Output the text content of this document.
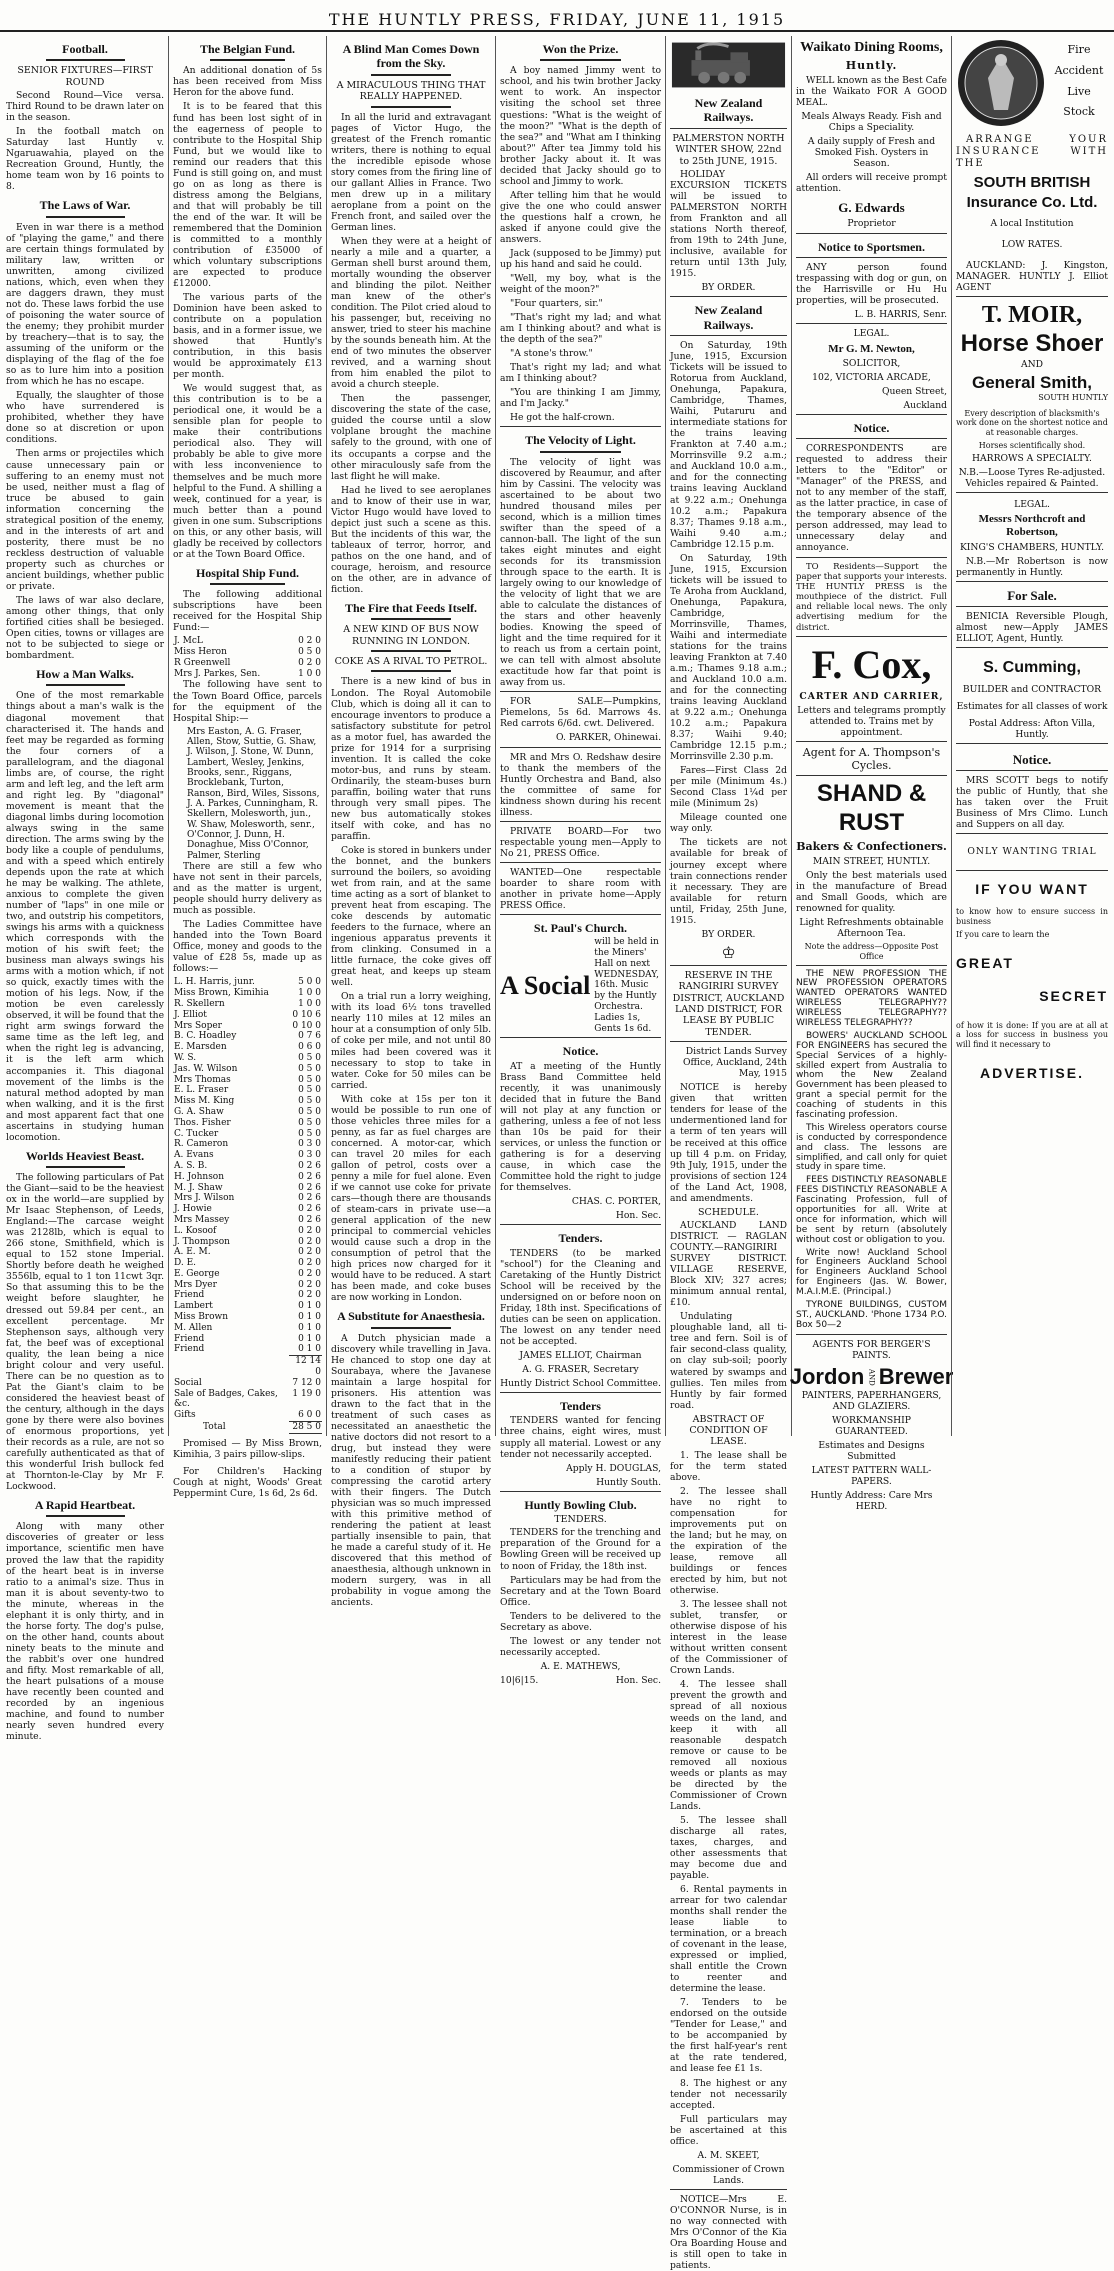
THE HUNTLY PRESS, FRIDAY, JUNE 11, 1915
Football.

SENIOR FIXTURES—FIRST ROUND

Second Round—Vice versa. Third Round to be drawn later on in the season.

In the football match on Saturday last Huntly v. Ngaruawahia, played on the Recreation Ground, Huntly, the home team won by 16 points to 8.

The Laws of War.

Even in war there is a method of "playing the game," and there are certain things formulated by military law, written or unwritten, among civilized nations, which, even when they are daggers drawn, they must not do. These laws forbid the use of poisoning the water source of the enemy; they prohibit murder by treachery—that is to say, the assuming of the uniform or the displaying of the flag of the foe so as to lure him into a position from which he has no escape.

Equally, the slaughter of those who have surrendered is prohibited, whether they have done so at discretion or upon conditions.

Then arms or projectiles which cause unnecessary pain or suffering to an enemy must not be used, neither must a flag of truce be abused to gain information concerning the strategical position of the enemy, and in the interests of art and posterity, there must be no reckless destruction of valuable property such as churches or ancient buildings, whether public or private.

The laws of war also declare, among other things, that only fortified cities shall be besieged. Open cities, towns or villages are not to be subjected to siege or bombardment.

How a Man Walks.

One of the most remarkable things about a man's walk is the diagonal movement that characterised it. The hands and feet may be regarded as forming the four corners of a parallelogram, and the diagonal limbs are, of course, the right arm and left leg, and the left arm and right leg. By "diagonal" movement is meant that the diagonal limbs during locomotion always swing in the same direction. The arms swing by the body like a couple of pendulums, and with a speed which entirely depends upon the rate at which he may be walking. The athlete, anxious to complete the given number of "laps" in one mile or two, and outstrip his competitors, swings his arms with a quickness which corresponds with the motion of his swift feet; the business man always swings his arms with a motion which, if not so quick, exactly times with the motion of his legs. Now, if the motion be even carelessly observed, it will be found that the right arm swings forward the same time as the left leg, and when the right leg is advancing, it is the left arm which accompanies it. This diagonal movement of the limbs is the natural method adopted by man when walking, and it is the first and most apparent fact that one ascertains in studying human locomotion.

Worlds Heaviest Beast.

The following particulars of Pat the Giant—said to be the heaviest ox in the world—are supplied by Mr Isaac Stephenson, of Leeds, England:—The carcase weight was 2128lb, which is equal to 266 stone, Smithfield, which is equal to 152 stone Imperial. Shortly before death he weighed 3556lb, equal to 1 ton 11cwt 3qr. So that assuming this to be the weight before slaughter, he dressed out 59.84 per cent., an excellent percentage. Mr Stephenson says, although very fat, the beef was of exceptional quality, the lean being a nice bright colour and very useful. There can be no question as to Pat the Giant's claim to be considered the heaviest beast of the century, although in the days gone by there were also bovines of enormous proportions, yet their records as a rule, are not so carefully authenticated as that of this wonderful Irish bullock fed at Thornton-le-Clay by Mr F. Lockwood.

A Rapid Heartbeat.

Along with many other discoveries of greater or less importance, scientific men have proved the law that the rapidity of the heart beat is in inverse ratio to a animal's size. Thus in man it is about seventy-two to the minute, whereas in the elephant it is only thirty, and in the horse forty. The dog's pulse, on the other hand, counts about ninety beats to the minute and the rabbit's over one hundred and fifty. Most remarkable of all, the heart pulsations of a mouse have recently been counted and recorded by an ingenious machine, and found to number nearly seven hundred every minute.

The Belgian Fund.

An additional donation of 5s has been received from Miss Heron for the above fund.

It is to be feared that this fund has been lost sight of in the eagerness of people to contribute to the Hospital Ship Fund, but we would like to remind our readers that this Fund is still going on, and must go on as long as there is distress among the Belgians, and that will probably be till the end of the war. It will be remembered that the Dominion is committed to a monthly contribution of £35000 of which voluntary subscriptions are expected to produce £12000.

The various parts of the Dominion have been asked to contribute on a population basis, and in a former issue, we showed that Huntly's contribution, in this basis would be approximately £13 per month.

We would suggest that, as this contribution is to be a periodical one, it would be a sensible plan for people to make their contributions periodical also. They will probably be able to give more with less inconvenience to themselves and be much more helpful to the Fund. A shilling a week, continued for a year, is much better than a pound given in one sum. Subscriptions on this, or any other basis, will gladly be received by collectors or at the Town Board Office.

Hospital Ship Fund.

The following additional subscriptions have been received for the Hospital Ship Fund:—

J. McL	0 2 0
Miss Heron	0 5 0
R Greenwell	0 2 0
Mrs J. Parkes, Sen.	1 0 0

The following have sent to the Town Board Office, parcels for the equipment of the Hospital Ship:—

Mrs Easton, A. G. Fraser, Allen, Stow, Suttie, G. Shaw, J. Wilson, J. Stone, W. Dunn, Lambert, Wesley, Jenkins, Brooks, senr., Riggans, Brocklebank, Turton, Ranson, Bird, Wiles, Sissons, J. A. Parkes, Cunningham, R. Skellern, Molesworth, jun., W. Shaw, Molesworth, senr., O'Connor, J. Dunn, H. Donaghue, Miss O'Connor, Palmer, Sterling

There are still a few who have not sent in their parcels, and as the matter is urgent, people should hurry delivery as much as possible.

The Ladies Committee have handed into the Town Board Office, money and goods to the value of £28 5s, made up as follows:—

L. H. Harris, junr.	5 0 0
Miss Brown, Kimihia	1 0 0
R. Skellern	1 0 0
J. Elliot	0 10 6
Mrs Soper	0 10 0
B. C. Hoadley	0 7 6
E. Marsden	0 6 0
W. S.	0 5 0
Jas. W. Wilson	0 5 0
Mrs Thomas	0 5 0
E. L. Fraser	0 5 0
Miss M. King	0 5 0
G. A. Shaw	0 5 0
Thos. Fisher	0 5 0
C. Tucker	0 5 0
R. Cameron	0 3 0
A. Evans	0 3 0
A. S. B.	0 2 6
H. Johnson	0 2 6
M. J. Shaw	0 2 6
Mrs J. Wilson	0 2 6
J. Howie	0 2 6
Mrs Massey	0 2 6
L. Kosoof	0 2 0
J. Thompson	0 2 0
A. E. M.	0 2 0
D. E.	0 2 0
E. George	0 2 0
Mrs Dyer	0 2 0
Friend	0 2 0
Lambert	0 1 0
Miss Brown	0 1 0
M. Allen	0 1 0
Friend	0 1 0
Friend	0 1 0
	12 14 0
Social	7 12 0
Sale of Badges, Cakes, &c.	1 19 0
Gifts	6 0 0
Total	28 5 0

Promised — By Miss Brown, Kimihia, 3 pairs pillow-slips.

For Children's Hacking Cough at night, Woods' Great Peppermint Cure, 1s 6d, 2s 6d.

A Blind Man Comes Down from the Sky.

A MIRACULOUS THING THAT REALLY HAPPENED.

In all the lurid and extravagant pages of Victor Hugo, the greatest of the French romantic writers, there is nothing to equal the incredible episode whose story comes from the firing line of our gallant Allies in France. Two men drew up in a military aeroplane from a point on the French front, and sailed over the German lines.

When they were at a height of nearly a mile and a quarter, a German shell burst around them, mortally wounding the observer and blinding the pilot. Neither man knew of the other's condition. The Pilot cried aloud to his passenger, but, receiving no answer, tried to steer his machine by the sounds beneath him. At the end of two minutes the observer revived, and a warning shout from him enabled the pilot to avoid a church steeple.

Then the passenger, discovering the state of the case, guided the course until a slow volplane brought the machine safely to the ground, with one of its occupants a corpse and the other miraculously safe from the last flight he will make.

Had he lived to see aeroplanes and to know of their use in war, Victor Hugo would have loved to depict just such a scene as this. But the incidents of this war, the tableaux of terror, horror, and pathos on the one hand, and of courage, heroism, and resource on the other, are in advance of fiction.

The Fire that Feeds Itself.

A NEW KIND OF BUS NOW RUNNING IN LONDON.

COKE AS A RIVAL TO PETROL.

There is a new kind of bus in London. The Royal Automobile Club, which is doing all it can to encourage inventors to produce a satisfactory substitute for petrol as a motor fuel, has awarded the prize for 1914 for a surprising invention. It is called the coke motor-bus, and runs by steam. Ordinarily, the steam-buses burn paraffin, boiling water that runs through very small pipes. The new bus automatically stokes itself with coke, and has no paraffin.

Coke is stored in bunkers under the bonnet, and the bunkers surround the boilers, so avoiding wet from rain, and at the same time acting as a sort of blanket to prevent heat from escaping. The coke descends by automatic feeders to the furnace, where an ingenious apparatus prevents it from clinking. Consumed in a little furnace, the coke gives off great heat, and keeps up steam well.

On a trial run a lorry weighing, with its load 6½ tons travelled nearly 110 miles at 12 miles an hour at a consumption of only 5lb. of coke per mile, and not until 80 miles had been covered was it necessary to stop to take in water. Coke for 50 miles can be carried.

With coke at 15s per ton it would be possible to run one of those vehicles three miles for a penny, as far as fuel charges are concerned. A motor-car, which can travel 20 miles for each gallon of petrol, costs over a penny a mile for fuel alone. Even if we cannot use coke for private cars—though there are thousands of steam-cars in private use—a general application of the new principal to commercial vehicles would cause such a drop in the consumption of petrol that the high prices now charged for it would have to be reduced. A start has been made, and coke buses are now working in London.

A Substitute for Anaesthesia.

A Dutch physician made a discovery while travelling in Java. He chanced to stop one day at Sourabaya, where the Javanese maintain a large hospital for prisoners. His attention was drawn to the fact that in the treatment of such cases as necessitated an anaesthetic the native doctors did not resort to a drug, but instead they were manifestly reducing their patient to a condition of stupor by compressing the carotid artery with their fingers. The Dutch physician was so much impressed with this primitive method of rendering the patient at least partially insensible to pain, that he made a careful study of it. He discovered that this method of anaesthesia, although unknown in modern surgery, was in all probability in vogue among the ancients.

Won the Prize.

A boy named Jimmy went to school, and his twin brother Jacky went to work. An inspector visiting the school set three questions: "What is the weight of the moon?" "What is the depth of the sea?" and "What am I thinking about?" After tea Jimmy told his brother Jacky about it. It was decided that Jacky should go to school and Jimmy to work.

After telling him that he would give the one who could answer the questions half a crown, he asked if anyone could give the answers.

Jack (supposed to be Jimmy) put up his hand and said he could.

"Well, my boy, what is the weight of the moon?"

"Four quarters, sir."

"That's right my lad; and what am I thinking about? and what is the depth of the sea?"

"A stone's throw."

That's right my lad; and what am I thinking about?

"You are thinking I am Jimmy, and I'm Jacky."

He got the half-crown.

The Velocity of Light.

The velocity of light was discovered by Reaumur, and after him by Cassini. The velocity was ascertained to be about two hundred thousand miles per second, which is a million times swifter than the speed of a cannon-ball. The light of the sun takes eight minutes and eight seconds for its transmission through space to the earth. It is largely owing to our knowledge of the velocity of light that we are able to calculate the distances of the stars and other heavenly bodies. Knowing the speed of light and the time required for it to reach us from a certain point, we can tell with almost absolute exactitude how far that point is away from us.

FOR SALE—Pumpkins, Piemelons, 5s 6d. Marrows 4s. Red carrots 6/6d. cwt. Delivered.

O. PARKER, Ohinewai.

MR and Mrs O. Redshaw desire to thank the members of the Huntly Orchestra and Band, also the committee of same for kindness shown during his recent illness.

PRIVATE BOARD—For two respectable young men—Apply to No 21, PRESS Office.

WANTED—One respectable boarder to share room with another in private home—Apply PRESS Office.

St. Paul's Church.
A Social
will be held in the Miners' Hall on next WEDNESDAY, 16th. Music by the Huntly Orchestra. Ladies 1s, Gents 1s 6d.
Notice.

AT a meeting of the Huntly Brass Band Committee held recently, it was unanimously decided that in future the Band will not play at any function or gathering, unless a fee of not less than 10s be paid for their services, or unless the function or gathering is for a deserving cause, in which case the Committee hold the right to judge for themselves.

CHAS. C. PORTER,

Hon. Sec.

Tenders.

TENDERS (to be marked "school") for the Cleaning and Caretaking of the Huntly District School will be received by the undersigned on or before noon on Friday, 18th inst. Specifications of duties can be seen on application. The lowest on any tender need not be accepted.

JAMES ELLIOT, Chairman

A. G. FRASER, Secretary

Huntly District School Committee.

Tenders

TENDERS wanted for fencing three chains, eight wires, must supply all material. Lowest or any tender not necessarily accepted.

Apply H. DOUGLAS,

Huntly South.

Huntly Bowling Club.

TENDERS.

TENDERS for the trenching and preparation of the Ground for a Bowling Green will be received up to noon of Friday, the 18th inst.

Particulars may be had from the Secretary and at the Town Board Office.

Tenders to be delivered to the Secretary as above.

The lowest or any tender not necessarily accepted.

A. E. MATHEWS,

10|6|15.	Hon. Sec.
New Zealand Railways.

PALMERSTON NORTH WINTER SHOW, 22nd to 25th JUNE, 1915.

HOLIDAY EXCURSION TICKETS will be issued to PALMERSTON NORTH from Frankton and all stations North thereof, from 19th to 24th June, inclusive, available for return until 13th July, 1915.

BY ORDER.

New Zealand Railways.

On Saturday, 19th June, 1915, Excursion Tickets will be issued to Rotorua from Auckland, Onehunga, Papakura, Cambridge, Thames, Waihi, Putaruru and intermediate stations for the trains leaving Frankton at 7.40 a.m.; Morrinsville 9.2 a.m.; and Auckland 10.0 a.m., and for the connecting trains leaving Auckland at 9.22 a.m.; Onehunga 10.2 a.m.; Papakura 8.37; Thames 9.18 a.m., Waihi 9.40 a.m.; Cambridge 12.15 p.m.

On Saturday, 19th June, 1915, Excursion tickets will be issued to Te Aroha from Auckland, Onehunga, Papakura, Cambridge, Morrinsville, Thames, Waihi and intermediate stations for the trains leaving Frankton at 7.40 a.m.; Thames 9.18 a.m.; and Auckland 10.0 a.m. and for the connecting trains leaving Auckland at 9.22 a.m.; Onehunga 10.2 a.m.; Papakura 8.37; Waihi 9.40; Cambridge 12.15 p.m.; Morrinsville 2.30 p.m.

Fares—First Class 2d per mile (Minimum 4s.) Second Class 1¼d per mile (Minimum 2s)

Mileage counted one way only.

The tickets are not available for break of journey except where train connections render it necessary. They are available for return until, Friday, 25th June, 1915.

BY ORDER.

♔

RESERVE IN THE RANGIRIRI SURVEY DISTRICT, AUCKLAND LAND DISTRICT, FOR LEASE BY PUBLIC TENDER.

District Lands Survey Office, Auckland, 24th May, 1915

NOTICE is hereby given that written tenders for lease of the undermentioned land for a term of ten years will be received at this office up till 4 p.m. on Friday, 9th July, 1915, under the provisions of section 124 of the Land Act, 1908, and amendments.

SCHEDULE.

AUCKLAND LAND DISTRICT. — RAGLAN COUNTY.—RANGIRIRI SURVEY DISTRICT. VILLAGE RESERVE, Block XIV; 327 acres; minimum annual rental, £10.

Undulating ploughable land, all ti-tree and fern. Soil is of fair second-class quality, on clay sub-soil; poorly watered by swamps and gullies. Ten miles from Huntly by fair formed road.

ABSTRACT OF CONDITION OF LEASE.

1. The lease shall be for the term stated above.

2. The lessee shall have no right to compensation for improvements put on the land; but he may, on the expiration of the lease, remove all buildings or fences erected by him, but not otherwise.

3. The lessee shall not sublet, transfer, or otherwise dispose of his interest in the lease without written consent of the Commissioner of Crown Lands.

4. The lessee shall prevent the growth and spread of all noxious weeds on the land, and keep it with all reasonable despatch remove or cause to be removed all noxious weeds or plants as may be directed by the Commissioner of Crown Lands.

5. The lessee shall discharge all rates, taxes, charges, and other assessments that may become due and payable.

6. Rental payments in arrear for two calendar months shall render the lease liable to termination, or a breach of covenant in the lease, expressed or implied, shall entitle the Crown to reenter and determine the lease.

7. Tenders to be endorsed on the outside "Tender for Lease," and to be accompanied by the first half-year's rent at the rate tendered, and lease fee £1 1s.

8. The highest or any tender not necessarily accepted.

Full particulars may be ascertained at this office.

A. M. SKEET,

Commissioner of Crown Lands.

NOTICE—Mrs E. O'CONNOR Nurse, is in no way connected with Mrs O'Connor of the Kia Ora Boarding House and is still open to take in patients.

Waikato Dining Rooms,

Huntly.

WELL known as the Best Cafe in the Waikato FOR A GOOD MEAL.

Meals Always Ready. Fish and Chips a Speciality.

A daily supply of Fresh and Smoked Fish. Oysters in Season.

All orders will receive prompt attention.

G. Edwards

Proprietor

Notice to Sportsmen.

ANY person found trespassing with dog or gun, on the Harrisville or Hu Hu properties, will be prosecuted.

L. B. HARRIS, Senr.

LEGAL.

Mr G. M. Newton,

SOLICITOR,

102, VICTORIA ARCADE,

Queen Street,

Auckland

Notice.

CORRESPONDENTS are requested to address their letters to the "Editor" or "Manager" of the PRESS, and not to any member of the staff, as the latter practice, in case of the temporary absence of the person addressed, may lead to unnecessary delay and annoyance.

TO Residents—Support the paper that supports your interests. THE HUNTLY PRESS is the mouthpiece of the district. Full and reliable local news. The only advertising medium for the district.

F. Cox,

CARTER AND CARRIER,

Letters and telegrams promptly attended to. Trains met by appointment.

Agent for A. Thompson's Cycles.

SHAND & RUST

Bakers & Confectioners.

MAIN STREET, HUNTLY.

Only the best materials used in the manufacture of Bread and Small Goods, which are renowned for quality.

Light Refreshments obtainable Afternoon Tea.

Note the address—Opposite Post Office

THE NEW PROFESSION THE NEW PROFESSION OPERATORS WANTED OPERATORS WANTED WIRELESS TELEGRAPHY?? WIRELESS TELEGRAPHY?? WIRELESS TELEGRAPHY??

BOWERS' AUCKLAND SCHOOL FOR ENGINEERS has secured the Special Services of a highly-skilled expert from Australia to whom the New Zealand Government has been pleased to grant a special permit for the coaching of students in this fascinating profession.

This Wireless operators course is conducted by correspondence and class. The lessons are simplified, and call only for quiet study in spare time.

FEES DISTINCTLY REASONABLE FEES DISTINCTLY REASONABLE A Fascinating Profession, full of opportunities for all. Write at once for information, which will be sent by return (absolutely without cost or obligation to you.

Write now! Auckland School for Engineers Auckland School for Engineers Auckland School for Engineers (Jas. W. Bower, M.A.I.M.E. (Principal.)

TYRONE BUILDINGS, CUSTOM ST., AUCKLAND. 'Phone 1734 P.O. Box 50—2

AGENTS FOR BERGER'S PAINTS.

Jordon AND Brewer

PAINTERS, PAPERHANGERS, AND GLAZIERS.

WORKMANSHIP GUARANTEED.

Estimates and Designs Submitted

LATEST PATTERN WALL-PAPERS.

Huntly Address: Care Mrs HERD.

Fire Accident Live Stock

ARRANGE YOUR INSURANCE WITH THE

SOUTH BRITISH
Insurance Co. Ltd.

A local Institution

LOW RATES.

AUCKLAND: J. Kingston, MANAGER. HUNTLY J. Elliot AGENT

T. MOIR,
Horse Shoer

AND

General Smith,

SOUTH HUNTLY

Every description of blacksmith's work done on the shortest notice and at reasonable charges.

Horses scientifically shod.

HARROWS A SPECIALTY.

N.B.—Loose Tyres Re-adjusted. Vehicles repaired & Painted.

LEGAL.

Messrs Northcroft and Robertson,

KING'S CHAMBERS, HUNTLY.

N.B.—Mr Robertson is now permanently in Huntly.

For Sale.

BENICIA Reversible Plough, almost new—Apply JAMES ELLIOT, Agent, Huntly.

S. Cumming,

BUILDER and CONTRACTOR

Estimates for all classes of work

Postal Address: Afton Villa, Huntly.

Notice.

MRS SCOTT begs to notify the public of Huntly, that she has taken over the Fruit Business of Mrs Climo. Lunch and Suppers on all day.

ONLY WANTING TRIAL

IF YOU WANT

to know how to ensure success in business

If you care to learn the

GREAT
SECRET

of how it is done: If you are at all at a loss for success in business you will find it necessary to

ADVERTISE.
